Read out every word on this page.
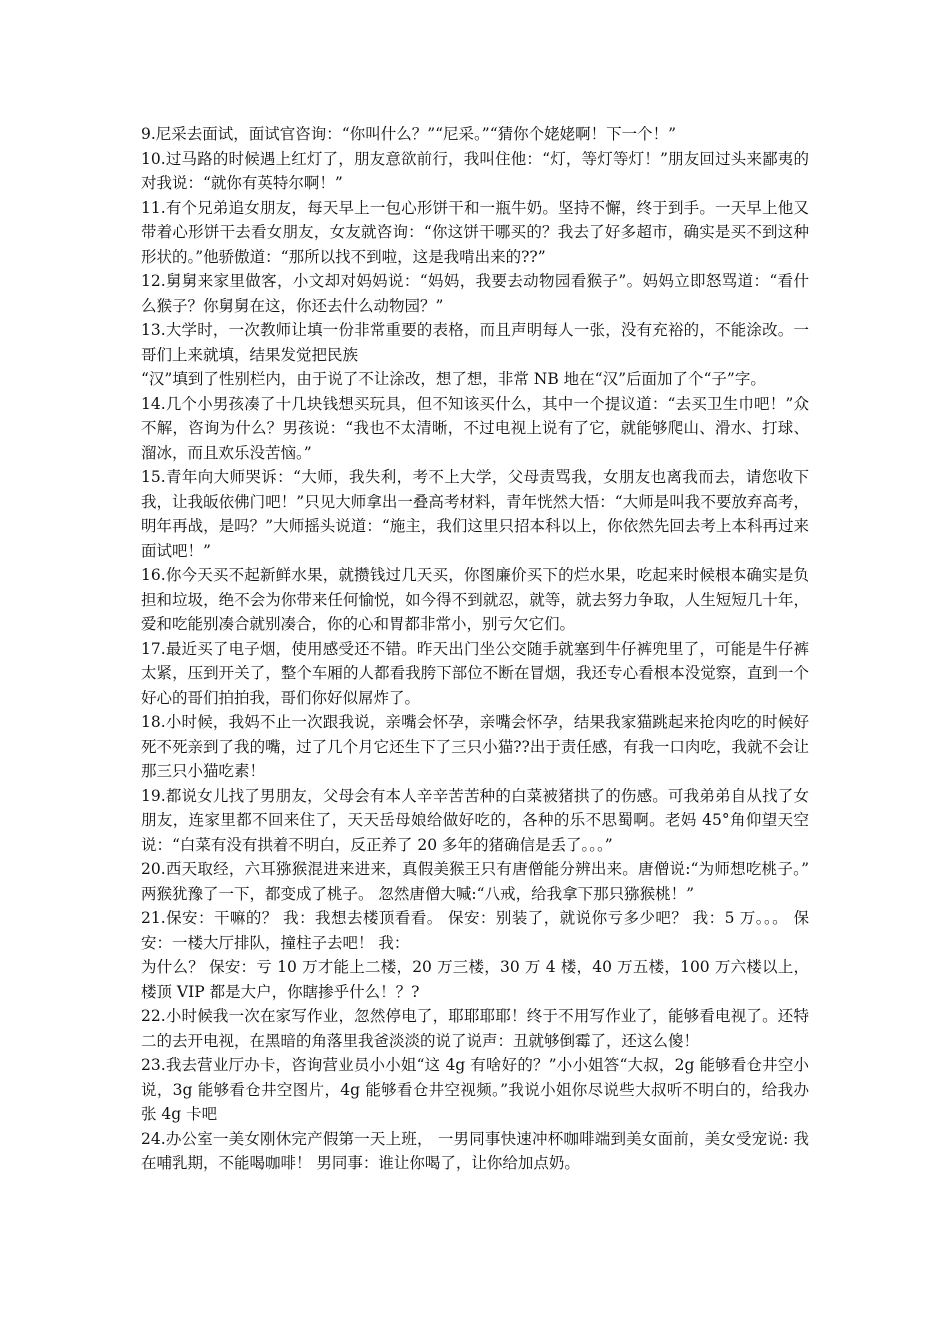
9.尼采去面试，面试官咨询：“你叫什么？”“尼采。”“猜你个姥姥啊！下一个！”

10.过马路的时候遇上红灯了，朋友意欲前行，我叫住他：“灯，等灯等灯！”朋友回过头来鄙夷的对我说：“就你有英特尔啊！”

11.有个兄弟追女朋友，每天早上一包心形饼干和一瓶牛奶。坚持不懈，终于到手。一天早上他又带着心形饼干去看女朋友，女友就咨询：“你这饼干哪买的？我去了好多超市，确实是买不到这种形状的。”他骄傲道：“那所以找不到啦，这是我啃出来的??”

12.舅舅来家里做客，小文却对妈妈说：“妈妈，我要去动物园看猴子”。妈妈立即怒骂道：“看什么猴子？你舅舅在这，你还去什么动物园？”

13.大学时，一次教师让填一份非常重要的表格，而且声明每人一张，没有充裕的，不能涂改。一哥们上来就填，结果发觉把民族
“汉”填到了性别栏内，由于说了不让涂改，想了想，非常 NB 地在“汉”后面加了个“子”字。

14.几个小男孩凑了十几块钱想买玩具，但不知该买什么，其中一个提议道：“去买卫生巾吧！”众不解，咨询为什么？男孩说：“我也不太清晰，不过电视上说有了它，就能够爬山、滑水、打球、溜冰，而且欢乐没苦恼。”

15.青年向大师哭诉：“大师，我失利，考不上大学，父母责骂我，女朋友也离我而去，请您收下我，让我皈依佛门吧！”只见大师拿出一叠高考材料，青年恍然大悟：“大师是叫我不要放弃高考，明年再战，是吗？”大师摇头说道：“施主，我们这里只招本科以上，你依然先回去考上本科再过来面试吧！”

16.你今天买不起新鲜水果，就攒钱过几天买，你图廉价买下的烂水果，吃起来时候根本确实是负担和垃圾，绝不会为你带来任何愉悦，如今得不到就忍，就等，就去努力争取，人生短短几十年，爱和吃能别凑合就别凑合，你的心和胃都非常小，别亏欠它们。

17.最近买了电子烟，使用感受还不错。昨天出门坐公交随手就塞到牛仔裤兜里了，可能是牛仔裤太紧，压到开关了，整个车厢的人都看我胯下部位不断在冒烟，我还专心看根本没觉察，直到一个好心的哥们拍拍我，哥们你好似屌炸了。

18.小时候，我妈不止一次跟我说，亲嘴会怀孕，亲嘴会怀孕，结果我家猫跳起来抢肉吃的时候好死不死亲到了我的嘴，过了几个月它还生下了三只小猫??出于责任感，有我一口肉吃，我就不会让那三只小猫吃素！

19.都说女儿找了男朋友，父母会有本人辛辛苦苦种的白菜被猪拱了的伤感。可我弟弟自从找了女朋友，连家里都不回来住了，天天岳母娘给做好吃的，各种的乐不思蜀啊。老妈 45°角仰望天空说：“白菜有没有拱着不明白，反正养了 20 多年的猪确信是丢了。。。”

20.西天取经，六耳猕猴混进来进来，真假美猴王只有唐僧能分辨出来。唐僧说:“为师想吃桃子。” 两猴犹豫了一下，都变成了桃子。 忽然唐僧大喊:“八戒，给我拿下那只猕猴桃！”

21.保安：干嘛的？ 我：我想去楼顶看看。 保安：别装了，就说你亏多少吧？ 我：5 万。。。 保安：一楼大厅排队，撞柱子去吧！ 我：
为什么？ 保安：亏 10 万才能上二楼，20 万三楼，30 万 4 楼，40 万五楼，100 万六楼以上，楼顶 VIP 都是大户，你瞎掺乎什么！？?

22.小时候我一次在家写作业，忽然停电了，耶耶耶耶！终于不用写作业了，能够看电视了。还特二的去开电视，在黑暗的角落里我爸淡淡的说了说声：丑就够倒霉了，还这么傻！

23.我去营业厅办卡，咨询营业员小小姐“这 4g 有啥好的？”小小姐答“大叔，2g 能够看仓井空小说，3g 能够看仓井空图片，4g 能够看仓井空视频。”我说小姐你尽说些大叔听不明白的，给我办张 4g 卡吧

24.办公室一美女刚休完产假第一天上班， 一男同事快速冲杯咖啡端到美女面前，美女受宠说: 我在哺乳期，不能喝咖啡！ 男同事：谁让你喝了，让你给加点奶。
